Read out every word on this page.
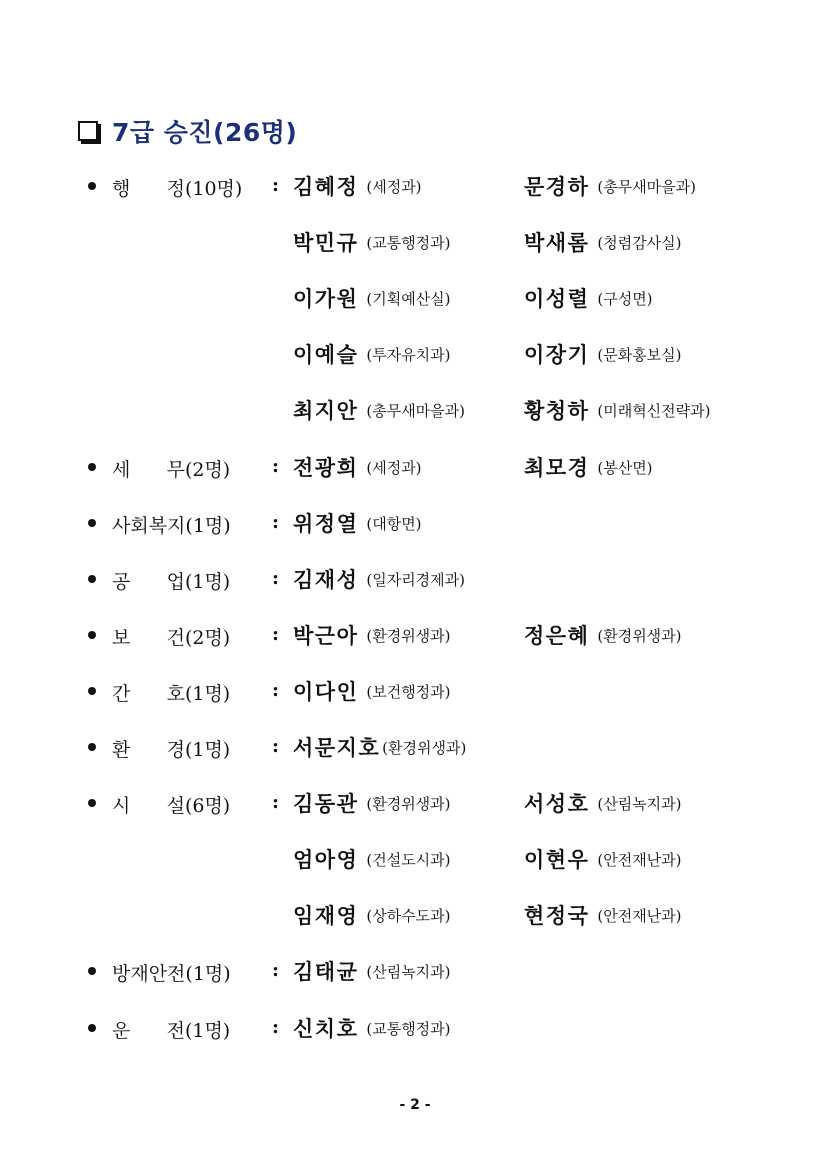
7급 승진(26명)
행      정(10명)	: 김혜정 (세정과)	문경하 (총무새마을과)
박민규 (교통행정과)	박새롬 (청렴감사실)
이가원 (기획예산실)	이성렬 (구성면)
이예슬 (투자유치과)	이장기 (문화홍보실)
최지안 (총무새마을과)	황청하 (미래혁신전략과)
세      무(2명)	: 전광희 (세정과)	최모경 (봉산면)
사회복지(1명)	: 위정열 (대항면)
공      업(1명)	: 김재성 (일자리경제과)
보      건(2명)	: 박근아 (환경위생과)	정은혜 (환경위생과)
간      호(1명)	: 이다인 (보건행정과)
환      경(1명)	: 서문지호 (환경위생과)
시      설(6명)	: 김동관 (환경위생과)	서성호 (산림녹지과)
엄아영 (건설도시과)	이현우 (안전재난과)
임재영 (상하수도과)	현정국 (안전재난과)
방재안전(1명)	: 김태균 (산림녹지과)
운      전(1명)	: 신치호 (교통행정과)
- 2 -
